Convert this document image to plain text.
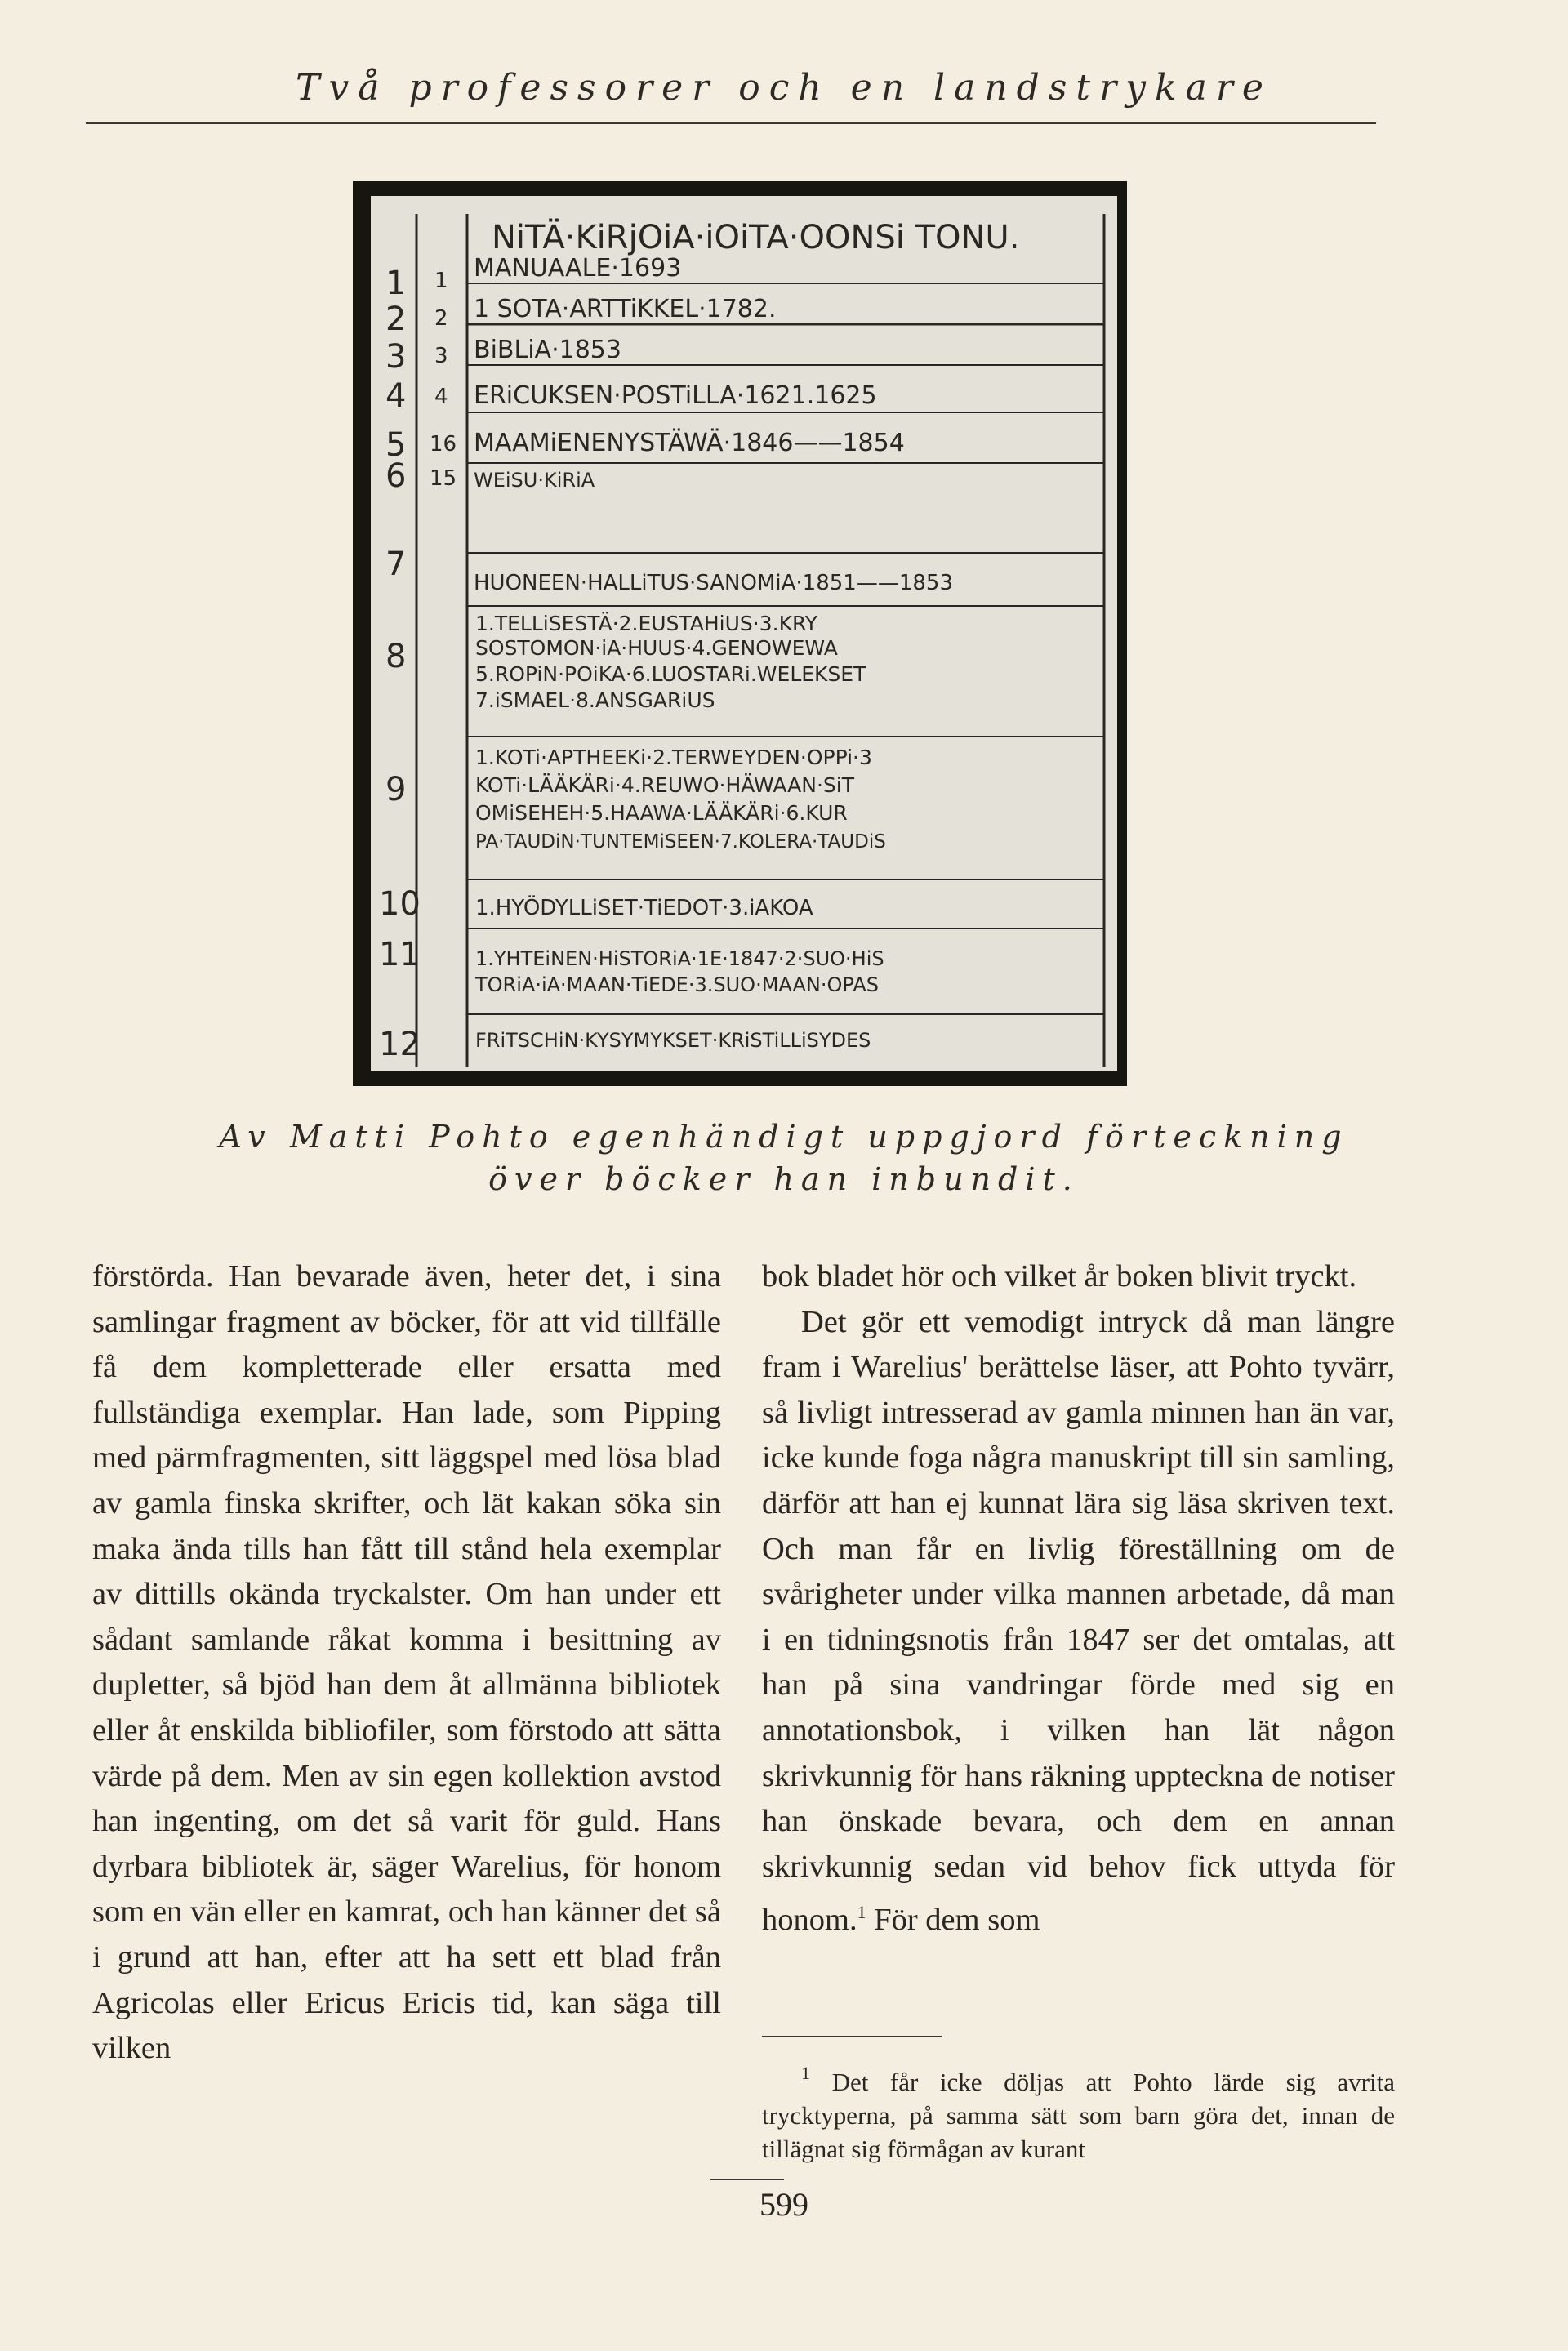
Två professorer och en landstrykare
NiTÄ·KiRjOiA·iOiTA·OONSi TONU.
1
2
3
4
5
6
7
8
9
10
11
12
1
2
3
4
16
15
MANUAALE·1693
1 SOTA·ARTTiKKEL·1782.
BiBLiA·1853
ERiCUKSEN·POSTiLLA·1621.1625
MAAMiENENYSTÄWÄ·1846——1854
WEiSU·KiRiA
HUONEEN·HALLiTUS·SANOMiA·1851——1853
1.TELLiSESTÄ·2.EUSTAHiUS·3.KRY
SOSTOMON·iA·HUUS·4.GENOWEWA
5.ROPiN·POiKA·6.LUOSTARi.WELEKSET
7.iSMAEL·8.ANSGARiUS
1.KOTi·APTHEEKi·2.TERWEYDEN·OPPi·3
KOTi·LÄÄKÄRi·4.REUWO·HÄWAAN·SiT
OMiSEHEH·5.HAAWA·LÄÄKÄRi·6.KUR
PA·TAUDiN·TUNTEMiSEEN·7.KOLERA·TAUDiS
1.HYÖDYLLiSET·TiEDOT·3.iAKOA
1.YHTEiNEN·HiSTORiA·1E·1847·2·SUO·HiS
TORiA·iA·MAAN·TiEDE·3.SUO·MAAN·OPAS
FRiTSCHiN·KYSYMYKSET·KRiSTiLLiSYDES
Av Matti Pohto egenhändigt uppgjord förteckning
över böcker han inbundit.

förstörda. Han bevarade även, heter det, i sina samlingar fragment av böcker, för att vid tillfälle få dem kompletterade eller ersatta med fullständiga exemplar. Han lade, som Pipping med pärmfragmenten, sitt läggspel med lösa blad av gamla finska skrifter, och lät kakan söka sin maka ända tills han fått till stånd hela exemplar av dittills okända tryckalster. Om han under ett sådant samlande råkat komma i besittning av dupletter, så bjöd han dem åt allmänna bibliotek eller åt enskilda bibliofiler, som förstodo att sätta värde på dem. Men av sin egen kollektion avstod han ingenting, om det så varit för guld. Hans dyrbara bibliotek är, säger Warelius, för honom som en vän eller en kamrat, och han känner det så i grund att han, efter att ha sett ett blad från Agricolas eller Ericus Ericis tid, kan säga till vilken

bok bladet hör och vilket år boken blivit tryckt.

Det gör ett vemodigt intryck då man längre fram i Warelius' berättelse läser, att Pohto tyvärr, så livligt intresserad av gamla minnen han än var, icke kunde foga några manuskript till sin samling, därför att han ej kunnat lära sig läsa skriven text. Och man får en livlig föreställning om de svårigheter under vilka mannen arbetade, då man i en tidningsnotis från 1847 ser det omtalas, att han på sina vandringar förde med sig en annotationsbok, i vilken han lät någon skrivkunnig för hans räkning upptecknа de notiser han önskade bevara, och dem en annan skrivkunnig sedan vid behov fick uttyda för honom.$^1$ För dem som

$^1$ Det får icke döljas att Pohto lärde sig avrita trycktyperna, på samma sätt som barn göra det, innan de tillägnat sig förmågan av kurant

599
